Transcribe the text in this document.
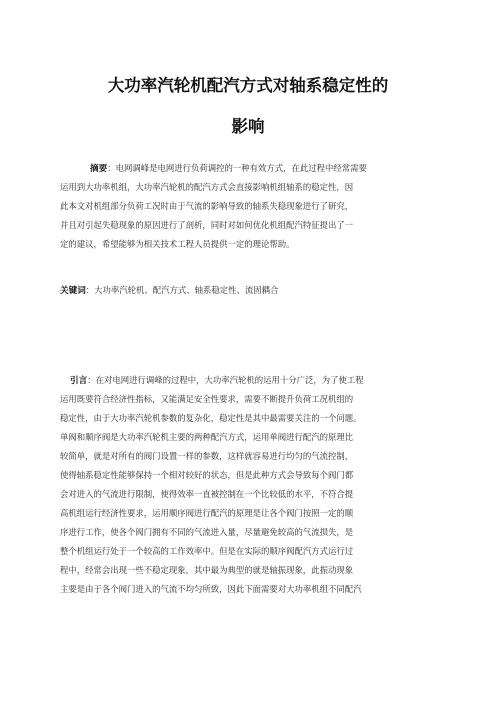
大功率汽轮机配汽方式对轴系稳定性的
影响
摘要：电网调峰是电网进行负荷调控的一种有效方式，在此过程中经常需要
运用到大功率机组，大功率汽轮机的配汽方式会直接影响机组轴系的稳定性，因
此本文对机组部分负荷工况时由于气流的影响导致的轴系失稳现象进行了研究，
并且对引起失稳现象的原因进行了剖析，同时对如何优化机组配汽特征提出了一
定的建议，希望能够为相关技术工程人员提供一定的理论帮助。
关键词：大功率汽轮机、配汽方式、轴系稳定性、流固耦合
引言：在对电网进行调峰的过程中，大功率汽轮机的运用十分广泛，为了使工程
运用既要符合经济性指标，又能满足安全性要求，需要不断提升负荷工况机组的
稳定性，由于大功率汽轮机参数的复杂化，稳定性是其中最需要关注的一个问题。
单阀和顺序阀是大功率汽轮机主要的两种配汽方式，运用单阀进行配汽的原理比
较简单，就是对所有的阀门设置一样的参数，这样就容易进行均匀的气流控制，
使得轴系稳定性能够保持一个相对较好的状态，但是此种方式会导致每个阀门都
会对进入的气流进行限制，使得效率一直被控制在一个比较低的水平，不符合提
高机组运行经济性要求，运用顺序阀进行配汽的原理是让各个阀门按照一定的顺
序进行工作，使各个阀门拥有不同的气流进入量，尽量避免较高的气流损失，是
整个机组运行处于一个较高的工作效率中。但是在实际的顺序阀配汽方式运行过
程中，经常会出现一些不稳定现象，其中最为典型的就是轴振现象，此振动现象
主要是由于各个阀门进入的气流不均匀所致，因此下面需要对大功率机组不同配汽
